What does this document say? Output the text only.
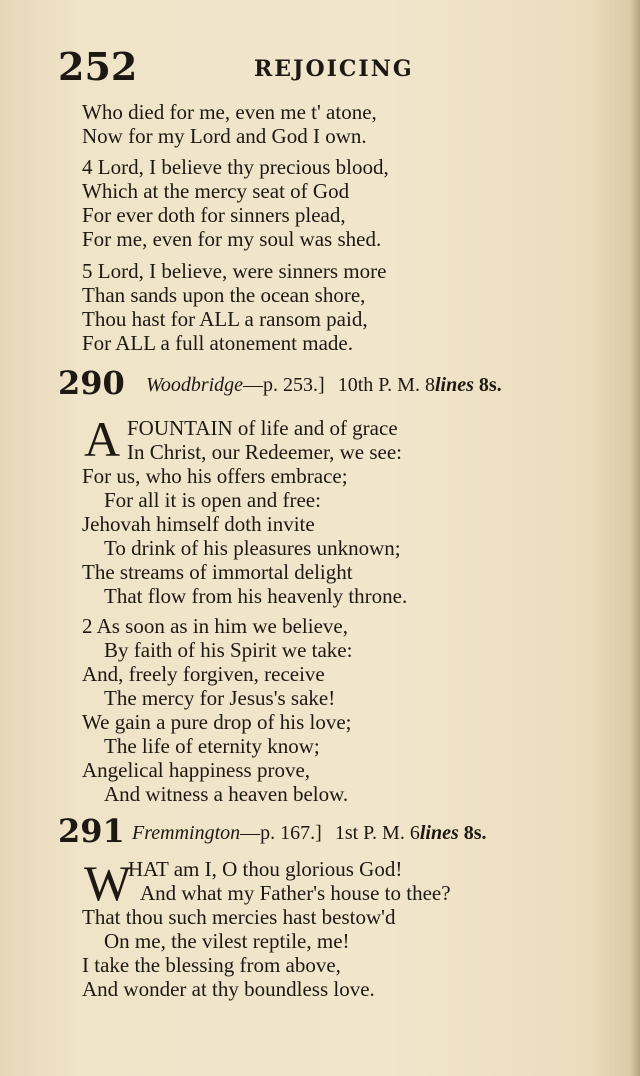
252	REJOICING
Who died for me, even me t' atone,
Now for my Lord and God I own.
4 Lord, I believe thy precious blood,
Which at the mercy seat of God
For ever doth for sinners plead,
For me, even for my soul was shed.
5 Lord, I believe, were sinners more
Than sands upon the ocean shore,
Thou hast for ALL a ransom paid,
For ALL a full atonement made.
290 Woodbridge—p. 253.] 10th P. M. 8lines 8s.
A FOUNTAIN of life and of grace
In Christ, our Redeemer, we see:
For us, who his offers embrace;
For all it is open and free:
Jehovah himself doth invite
To drink of his pleasures unknown;
The streams of immortal delight
That flow from his heavenly throne.
2 As soon as in him we believe,
By faith of his Spirit we take:
And, freely forgiven, receive
The mercy for Jesus's sake!
We gain a pure drop of his love;
The life of eternity know;
Angelical happiness prove,
And witness a heaven below.
291 Fremmington—p. 167.] 1st P. M. 6lines 8s.
W
HAT am I, O thou glorious God!
And what my Father's house to thee?
That thou such mercies hast bestow'd
On me, the vilest reptile, me!
I take the blessing from above,
And wonder at thy boundless love.
